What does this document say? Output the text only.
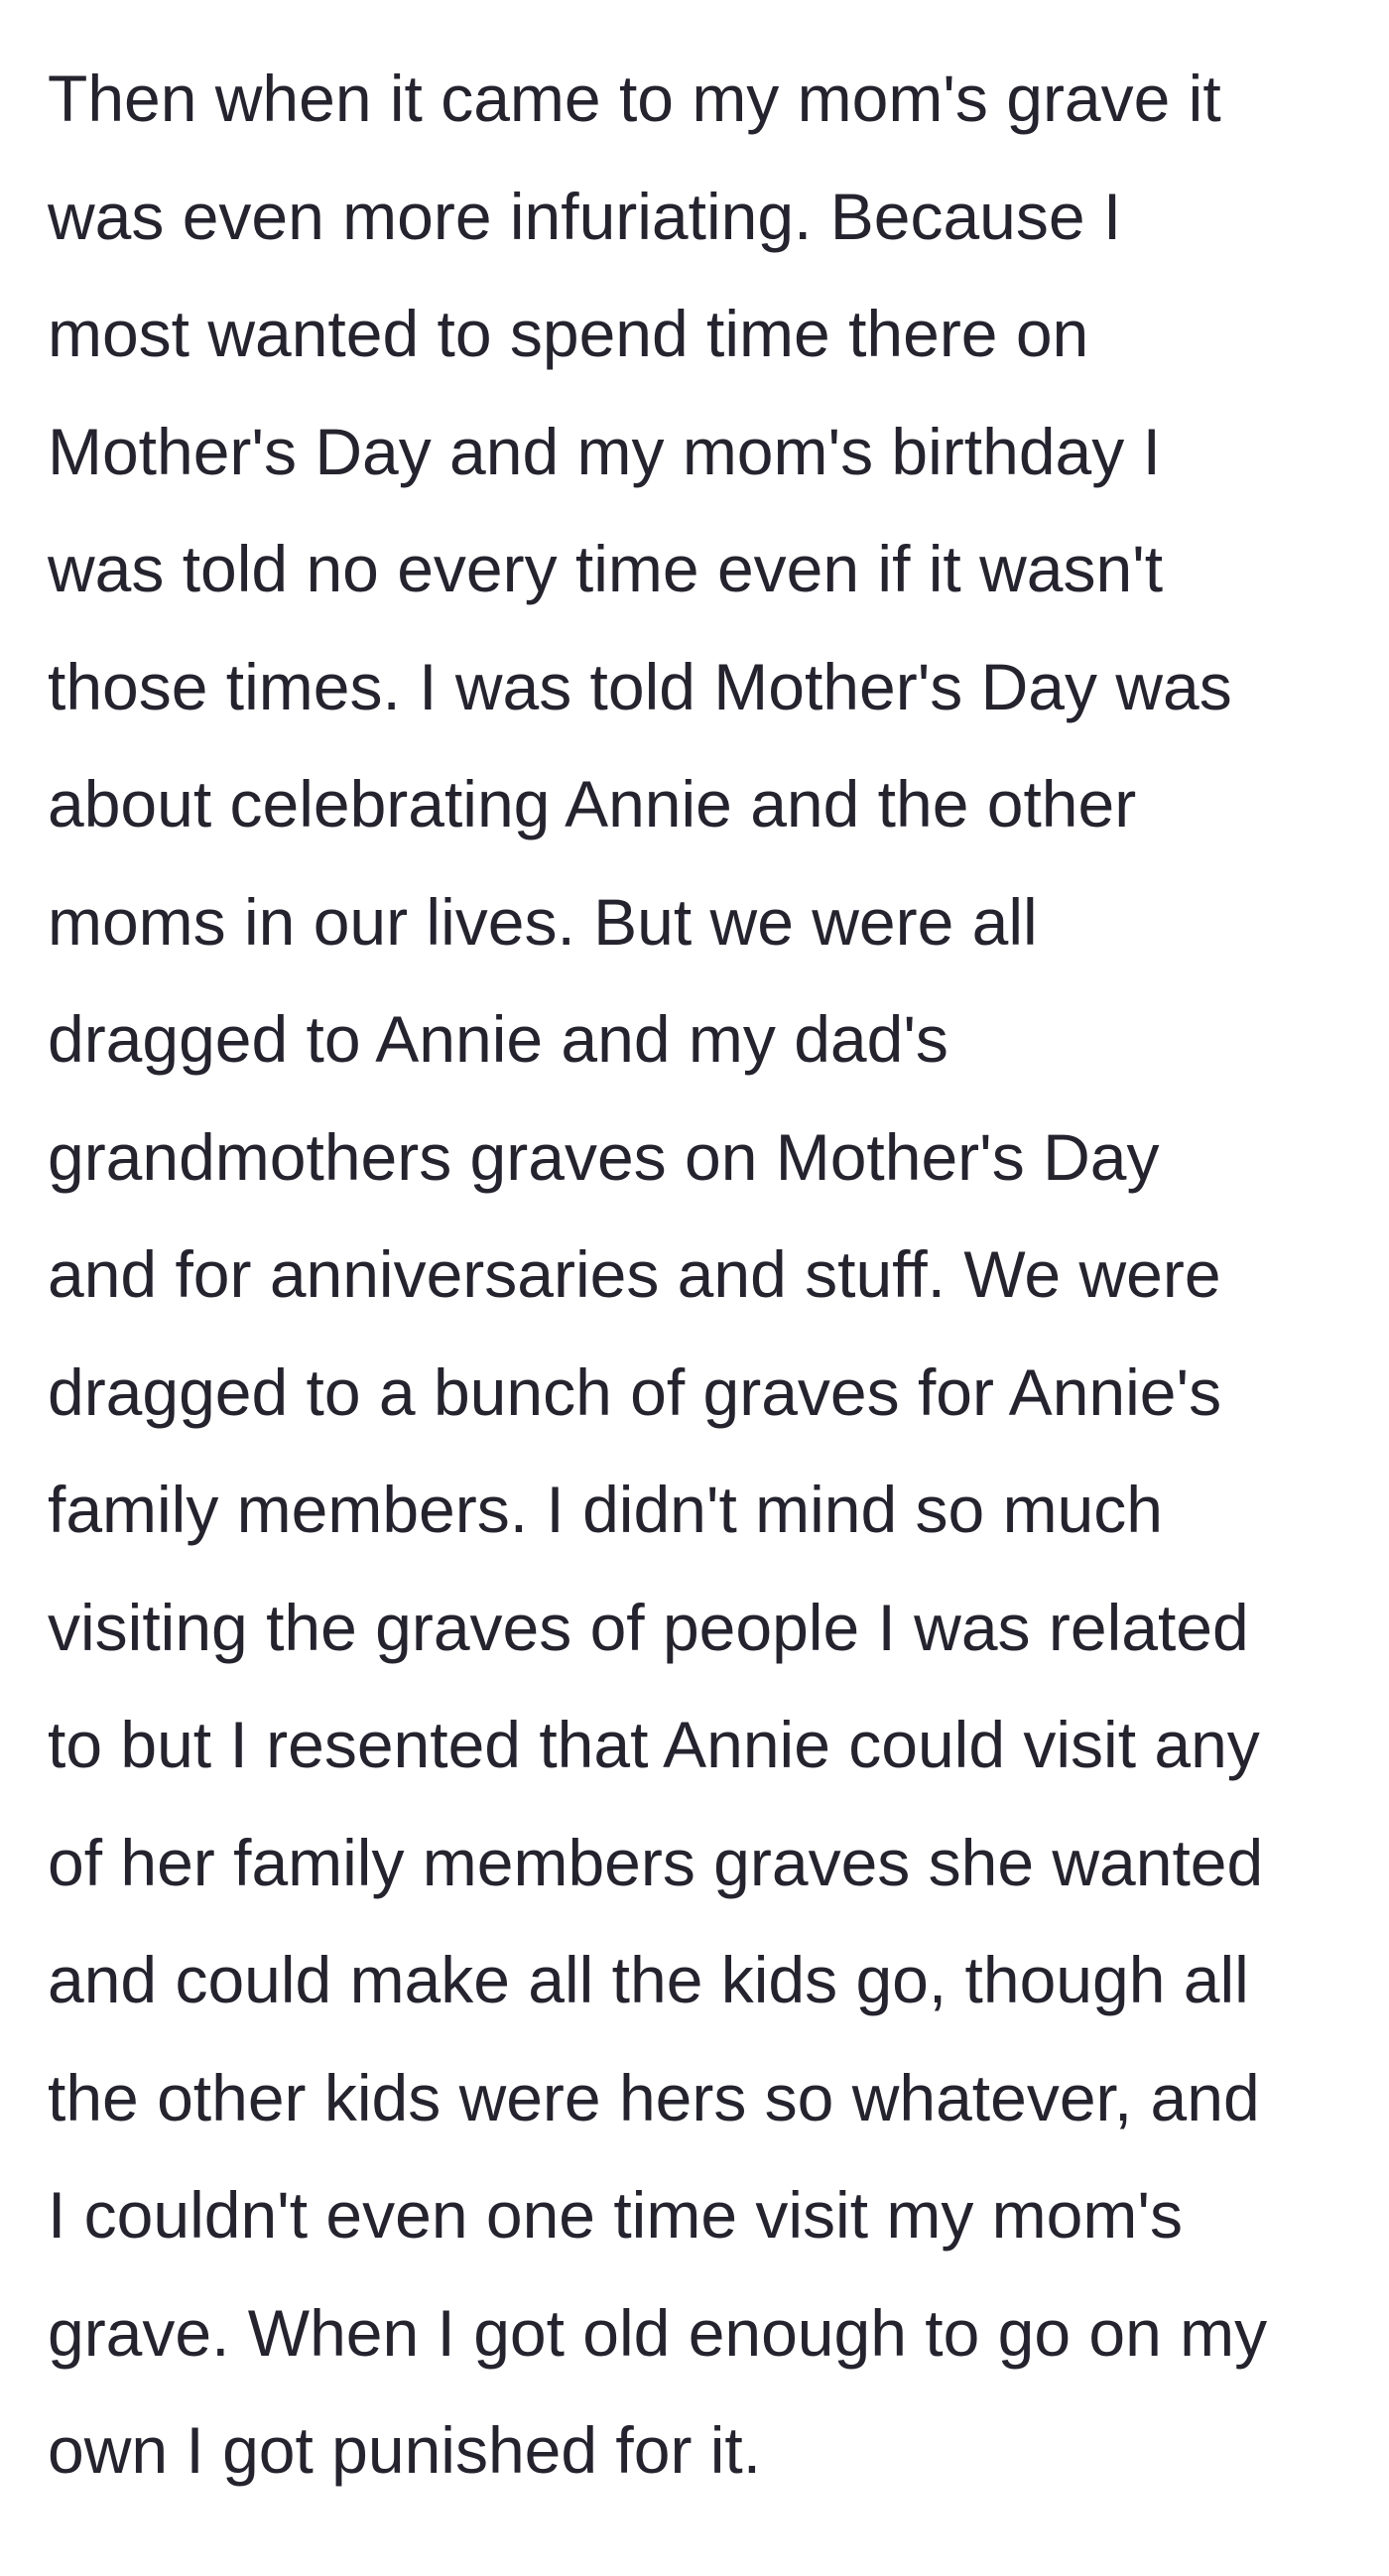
Then when it came to my mom's grave it
was even more infuriating. Because I
most wanted to spend time there on
Mother's Day and my mom's birthday I
was told no every time even if it wasn't
those times. I was told Mother's Day was
about celebrating Annie and the other
moms in our lives. But we were all
dragged to Annie and my dad's
grandmothers graves on Mother's Day
and for anniversaries and stuff. We were
dragged to a bunch of graves for Annie's
family members. I didn't mind so much
visiting the graves of people I was related
to but I resented that Annie could visit any
of her family members graves she wanted
and could make all the kids go, though all
the other kids were hers so whatever, and
I couldn't even one time visit my mom's
grave. When I got old enough to go on my
own I got punished for it.
